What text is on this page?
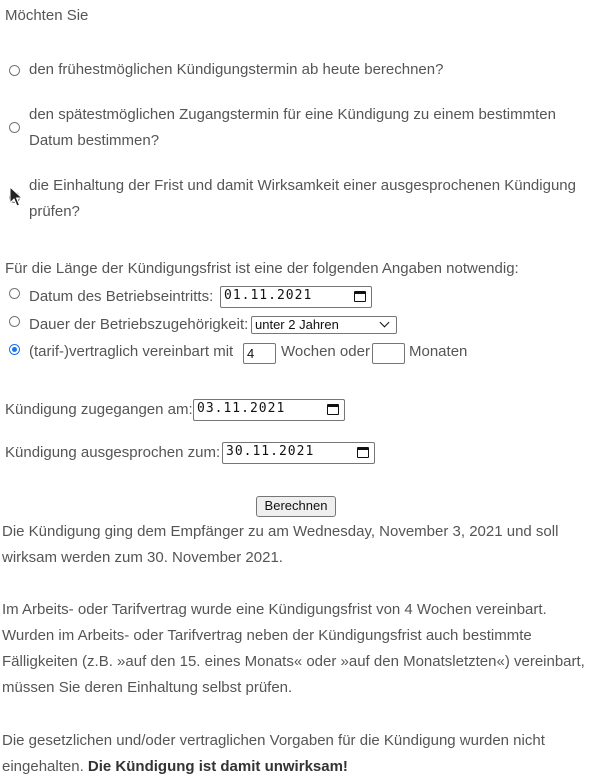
Möchten Sie
den frühestmöglichen Kündigungstermin ab heute berechnen?
den spätestmöglichen Zugangstermin für eine Kündigung zu einem bestimmten
Datum bestimmen?
die Einhaltung der Frist und damit Wirksamkeit einer ausgesprochenen Kündigung
prüfen?
Für die Länge der Kündigungsfrist ist eine der folgenden Angaben notwendig:
Datum des Betriebseintritts: 01.11.2021
Dauer der Betriebszugehörigkeit: unter 2 Jahren
(tarif-)vertraglich vereinbart mit	4	Wochen oder	Monaten
Kündigung zugegangen am: 03.11.2021
Kündigung ausgesprochen zum: 30.11.2021
Berechnen
Die Kündigung ging dem Empfänger zu am Wednesday, November 3, 2021 und soll
wirksam werden zum 30. November 2021.
Im Arbeits- oder Tarifvertrag wurde eine Kündigungsfrist von 4 Wochen vereinbart.
Wurden im Arbeits- oder Tarifvertrag neben der Kündigungsfrist auch bestimmte
Fälligkeiten (z.B. »auf den 15. eines Monats« oder »auf den Monatsletzten«) vereinbart,
müssen Sie deren Einhaltung selbst prüfen.
Die gesetzlichen und/oder vertraglichen Vorgaben für die Kündigung wurden nicht
eingehalten. Die Kündigung ist damit unwirksam!
